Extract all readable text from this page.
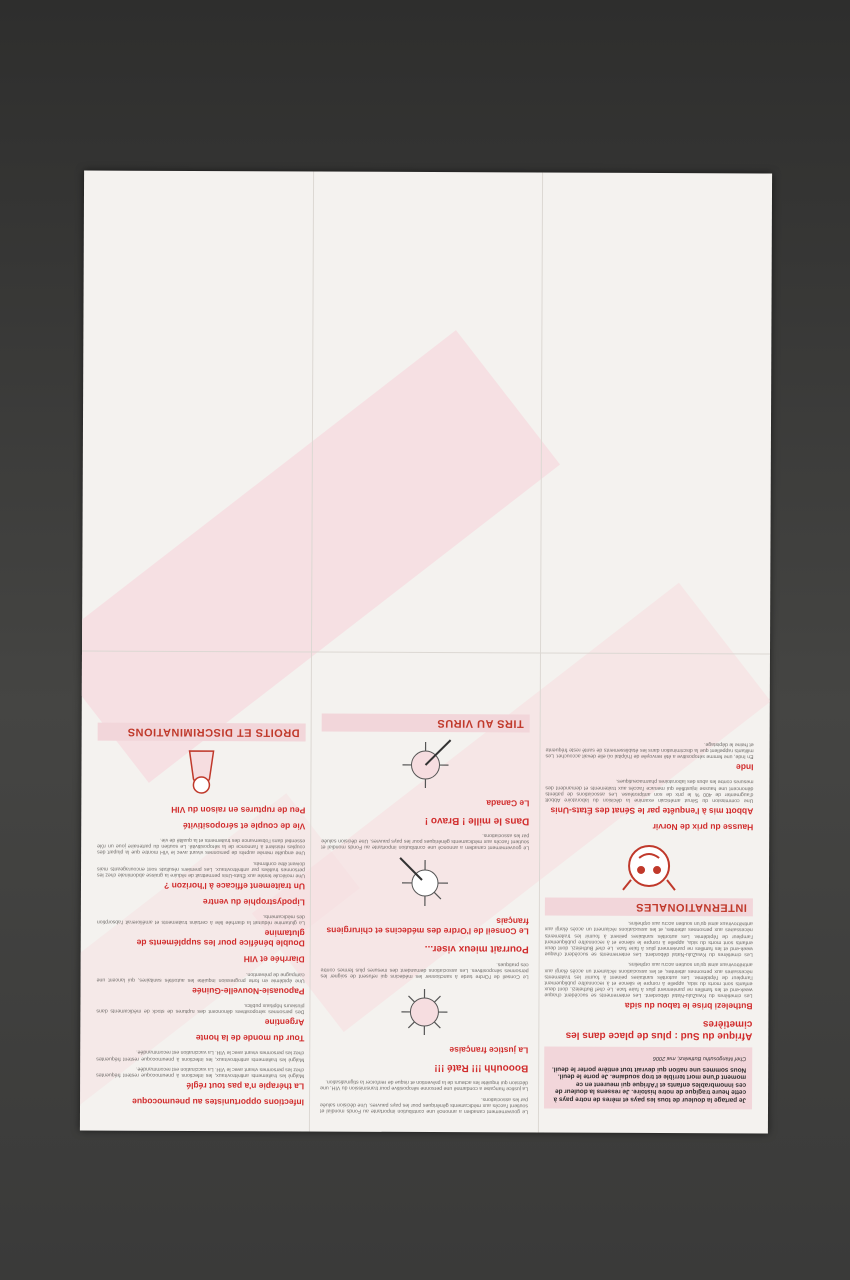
Je partage la douleur de tous les pays et mères de notre pays à cette heure tragique de notre histoire. Je ressens la douleur de ces innombrables enfants et l'Afrique qui meurent en ce moment d'une mort terrible et trop soudaine. Je porte le deuil. Nous sommes une nation qui devrait tout entière porter le deuil.
Chef Mangosuthu Buthelezi, mai 2006
Afrique du Sud : plus de place dans les cimetières
Buthelezi brise le tabou du sida

Les cimetières du KwaZulu-Natal débordent. Les enterrements se succèdent chaque week-end et les familles ne parviennent plus à faire face. Le chef Buthelezi, dont deux enfants sont morts du sida, appelle à rompre le silence et à reconnaître publiquement l'ampleur de l'épidémie. Les autorités sanitaires peinent à fournir les traitements nécessaires aux personnes atteintes, et les associations réclament un accès élargi aux antirétroviraux ainsi qu'un soutien accru aux orphelins.

Les cimetières du KwaZulu-Natal débordent. Les enterrements se succèdent chaque week-end et les familles ne parviennent plus à faire face. Le chef Buthelezi, dont deux enfants sont morts du sida, appelle à rompre le silence et à reconnaître publiquement l'ampleur de l'épidémie. Les autorités sanitaires peinent à fournir les traitements nécessaires aux personnes atteintes, et les associations réclament un accès élargi aux antirétroviraux ainsi qu'un soutien accru aux orphelins.

INTERNATIONALES
Hausse du prix de Norvir
Abbott mis à l'enquête par le Sénat des États-Unis

Une commission du Sénat américain examine la décision du laboratoire Abbott d'augmenter de 400 % le prix de son antiprotéase. Les associations de patients dénoncent une hausse injustifiée qui menace l'accès aux traitements et demandent des mesures contre les abus des laboratoires pharmaceutiques.

Inde

En Inde, une femme séropositive a été renvoyée de l'hôpital où elle devait accoucher. Les militants rappellent que la discrimination dans les établissements de santé reste fréquente et freine le dépistage.

Le gouvernement canadien a annoncé une contribution importante au Fonds mondial et soutient l'accès aux médicaments génériques pour les pays pauvres. Une décision saluée par les associations.

La justice française a condamné une personne séropositive pour transmission du VIH, une décision qui inquiète les acteurs de la prévention et risque de renforcer la stigmatisation.

Booouhh !!! Raté !!!
La justice française

Le Conseil de l'Ordre tarde à sanctionner les médecins qui refusent de soigner les personnes séropositives. Les associations demandent des mesures plus fermes contre ces pratiques.

Pourrait mieux viser...
Le Conseil de l'Ordre des médecins et chirurgiens français

Le gouvernement canadien a annoncé une contribution importante au Fonds mondial et soutient l'accès aux médicaments génériques pour les pays pauvres. Une décision saluée par les associations.

Dans le mille ! Bravo !
Le Canada
TIRS AU VIRUS
Infections opportunistes au pneumocoque
La thérapie n'a pas tout réglé

Malgré les traitements antirétroviraux, les infections à pneumocoque restent fréquentes chez les personnes vivant avec le VIH. La vaccination est recommandée.

Malgré les traitements antirétroviraux, les infections à pneumocoque restent fréquentes chez les personnes vivant avec le VIH. La vaccination est recommandée.

Tour du monde de la honte
Argentine

Des personnes séropositives dénoncent des ruptures de stock de médicaments dans plusieurs hôpitaux publics.

Papouasie-Nouvelle-Guinée

Une épidémie en forte progression inquiète les autorités sanitaires, qui lancent une campagne de prévention.

Diarrhée et VIH
Double bénéfice pour les suppléments de glutamine

La glutamine réduirait la diarrhée liée à certains traitements et améliorerait l'absorption des médicaments.

Lipodystrophie du ventre
Un traitement efficace à l'horizon ?

Une molécule testée aux États-Unis permettrait de réduire la graisse abdominale chez les personnes traitées par antirétroviraux. Les premiers résultats sont encourageants mais doivent être confirmés.

Une enquête menée auprès de personnes vivant avec le VIH montre que la plupart des couples résistent à l'annonce de la séropositivité. Le soutien du partenaire joue un rôle essentiel dans l'observance des traitements et la qualité de vie.

Vie de couple et séropositivité
Peu de ruptures en raison du VIH
DROITS ET DISCRIMINATIONS
